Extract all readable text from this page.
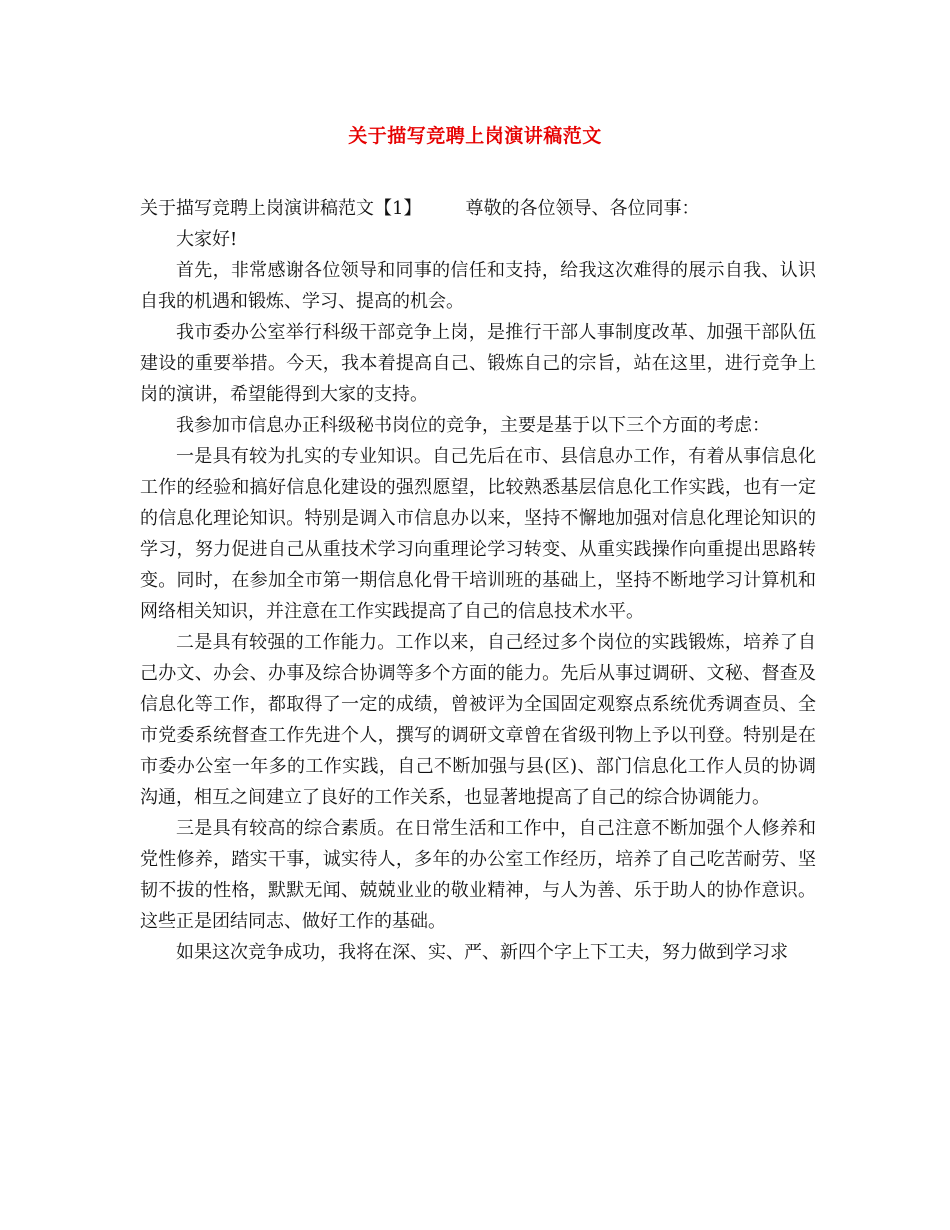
关于描写竞聘上岗演讲稿范文

关于描写竞聘上岗演讲稿范文【1】 尊敬的各位领导、各位同事：

大家好!

首先，非常感谢各位领导和同事的信任和支持，给我这次难得的展示自我、认识自我的机遇和锻炼、学习、提高的机会。

我市委办公室举行科级干部竞争上岗，是推行干部人事制度改革、加强干部队伍建设的重要举措。今天，我本着提高自己、锻炼自己的宗旨，站在这里，进行竞争上岗的演讲，希望能得到大家的支持。

我参加市信息办正科级秘书岗位的竞争，主要是基于以下三个方面的考虑：

一是具有较为扎实的专业知识。自己先后在市、县信息办工作，有着从事信息化工作的经验和搞好信息化建设的强烈愿望，比较熟悉基层信息化工作实践，也有一定的信息化理论知识。特别是调入市信息办以来，坚持不懈地加强对信息化理论知识的学习，努力促进自己从重技术学习向重理论学习转变、从重实践操作向重提出思路转变。同时，在参加全市第一期信息化骨干培训班的基础上，坚持不断地学习计算机和网络相关知识，并注意在工作实践提高了自己的信息技术水平。

二是具有较强的工作能力。工作以来，自己经过多个岗位的实践锻炼，培养了自己办文、办会、办事及综合协调等多个方面的能力。先后从事过调研、文秘、督查及信息化等工作，都取得了一定的成绩，曾被评为全国固定观察点系统优秀调查员、全市党委系统督查工作先进个人，撰写的调研文章曾在省级刊物上予以刊登。特别是在市委办公室一年多的工作实践，自己不断加强与县(区)、部门信息化工作人员的协调沟通，相互之间建立了良好的工作关系，也显著地提高了自己的综合协调能力。

三是具有较高的综合素质。在日常生活和工作中，自己注意不断加强个人修养和党性修养，踏实干事，诚实待人，多年的办公室工作经历，培养了自己吃苦耐劳、坚韧不拔的性格，默默无闻、兢兢业业的敬业精神，与人为善、乐于助人的协作意识。这些正是团结同志、做好工作的基础。

如果这次竞争成功，我将在深、实、严、新四个字上下工夫，努力做到学习求
